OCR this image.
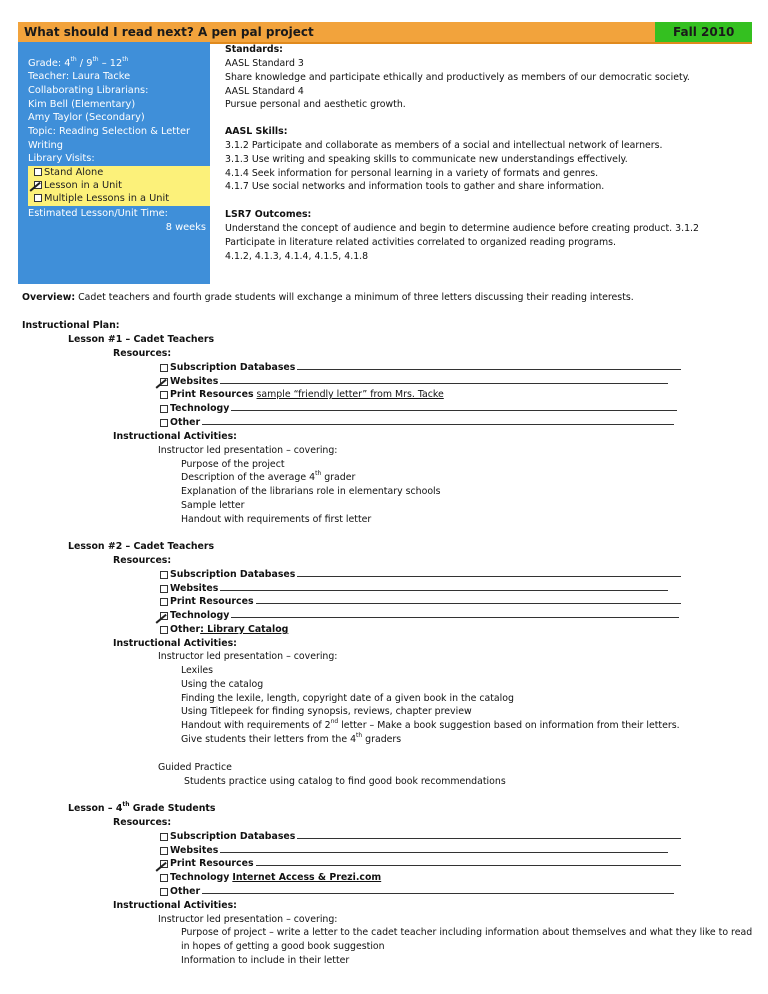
What should I read next? A pen pal project	Fall 2010
Grade: 4th / 9th – 12th
Teacher: Laura Tacke
Collaborating Librarians:
Kim Bell (Elementary)
Amy Taylor (Secondary)
Topic: Reading Selection & Letter
Writing
Library Visits:
Stand Alone
Lesson in a Unit
Multiple Lessons in a Unit
Estimated Lesson/Unit Time:
8 weeks
Standards:
AASL Standard 3
Share knowledge and participate ethically and productively as members of our democratic society.
AASL Standard 4
Pursue personal and aesthetic growth.
AASL Skills:
3.1.2 Participate and collaborate as members of a social and intellectual network of learners.
3.1.3 Use writing and speaking skills to communicate new understandings effectively.
4.1.4 Seek information for personal learning in a variety of formats and genres.
4.1.7 Use social networks and information tools to gather and share information.
LSR7 Outcomes:
Understand the concept of audience and begin to determine audience before creating product. 3.1.2
Participate in literature related activities correlated to organized reading programs.
4.1.2, 4.1.3, 4.1.4, 4.1.5, 4.1.8
Overview: Cadet teachers and fourth grade students will exchange a minimum of three letters discussing their reading interests.
Instructional Plan:
Lesson #1 – Cadet Teachers
Resources:
Subscription Databases
Websites
Print Resources sample “friendly letter” from Mrs. Tacke
Technology
Other
Instructional Activities:
Instructor led presentation – covering:
Purpose of the project
Description of the average 4th grader
Explanation of the librarians role in elementary schools
Sample letter
Handout with requirements of first letter
Lesson #2 – Cadet Teachers
Resources:
Subscription Databases
Websites
Print Resources
Technology
Other: Library Catalog
Instructional Activities:
Instructor led presentation – covering:
Lexiles
Using the catalog
Finding the lexile, length, copyright date of a given book in the catalog
Using Titlepeek for finding synopsis, reviews, chapter preview
Handout with requirements of 2nd letter – Make a book suggestion based on information from their letters.
Give students their letters from the 4th graders
Guided Practice
Students practice using catalog to find good book recommendations
Lesson – 4th Grade Students
Resources:
Subscription Databases
Websites
Print Resources
Technology Internet Access & Prezi.com
Other
Instructional Activities:
Instructor led presentation – covering:
Purpose of project – write a letter to the cadet teacher including information about themselves and what they like to read
in hopes of getting a good book suggestion
Information to include in their letter
